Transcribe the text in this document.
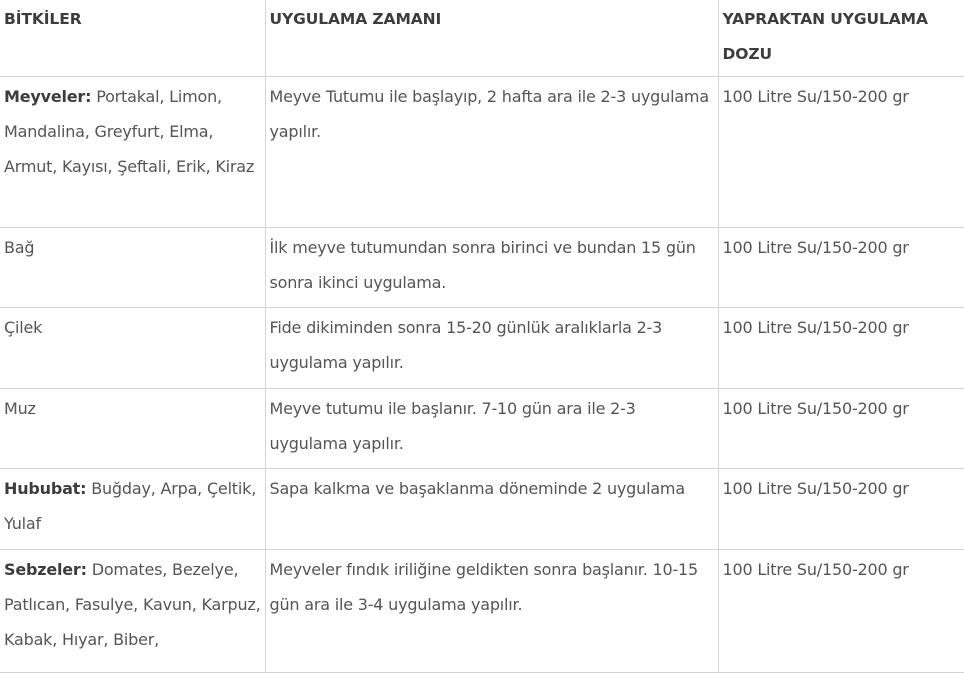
BİTKİLER	UYGULAMA ZAMANI	YAPRAKTAN UYGULAMA DOZU
Meyveler: Portakal, Limon, Mandalina, Greyfurt, Elma, Armut, Kayısı, Şeftali, Erik, Kiraz	Meyve Tutumu ile başlayıp, 2 hafta ara ile 2-3 uygulama yapılır.	100 Litre Su/150-200 gr
Bağ	İlk meyve tutumundan sonra birinci ve bundan 15 gün sonra ikinci uygulama.	100 Litre Su/150-200 gr
Çilek	Fide dikiminden sonra 15-20 günlük aralıklarla 2-3 uygulama yapılır.	100 Litre Su/150-200 gr
Muz	Meyve tutumu ile başlanır. 7-10 gün ara ile 2-3 uygulama yapılır.	100 Litre Su/150-200 gr
Hububat: Buğday, Arpa, Çeltik, Yulaf	Sapa kalkma ve başaklanma döneminde 2 uygulama	100 Litre Su/150-200 gr
Sebzeler: Domates, Bezelye, Patlıcan, Fasulye, Kavun, Karpuz, Kabak, Hıyar, Biber,	Meyveler fındık iriliğine geldikten sonra başlanır. 10-15 gün ara ile 3-4 uygulama yapılır.	100 Litre Su/150-200 gr
